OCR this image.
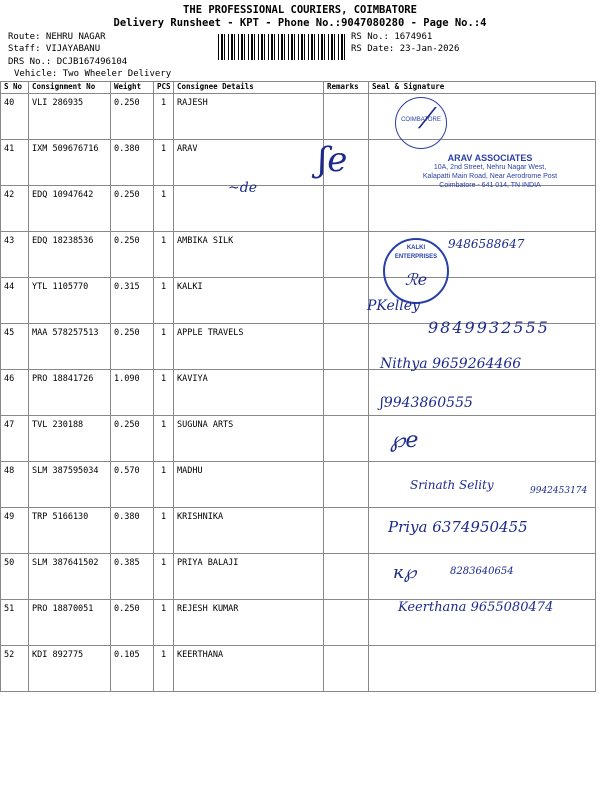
THE PROFESSIONAL COURIERS, COIMBATORE
Delivery Runsheet - KPT - Phone No.:9047080280 - Page No.:4
Route: NEHRU NAGAR
Staff: VIJAYABANU
DRS No.: DCJB167496104
Vehicle: Two Wheeler Delivery
RS No.: 1674961
RS Date: 23-Jan-2026
S No	Consignment No	Weight	PCS	Consignee Details	Remarks	Seal & Signature
40	VLI 286935	0.250	1	RAJESH		
41	IXM 509676716	0.380	1	ARAV		
42	EDQ 10947642	0.250	1			
43	EDQ 18238536	0.250	1	AMBIKA SILK		
44	YTL 1105770	0.315	1	KALKI		
45	MAA 578257513	0.250	1	APPLE TRAVELS		
46	PRO 18841726	1.090	1	KAVIYA		
47	TVL 230188	0.250	1	SUGUNA ARTS		
48	SLM 387595034	0.570	1	MADHU		
49	TRP 5166130	0.380	1	KRISHNIKA		
50	SLM 387641502	0.385	1	PRIYA BALAJI		
51	PRO 18870051	0.250	1	REJESH KUMAR		
52	KDI 892775	0.105	1	KEERTHANA		
COIMBATORE
⁄
ʃe	ARAV ASSOCIATES
10A, 2nd Street, Nehru Nagar West,
Kalapatti Main Road, Near Aerodrome Post
Coimbatore - 641 014, TN INDIA
~de
KALKI ENTERPRISES
ℛe
9486588647
PKelley
9849932555
Nithya 9659264466
ʃ9943860555
℘e
Srinath Selity	9942453174
Priya 6374950455
ĸ℘	8283640654
Keerthana 9655080474
